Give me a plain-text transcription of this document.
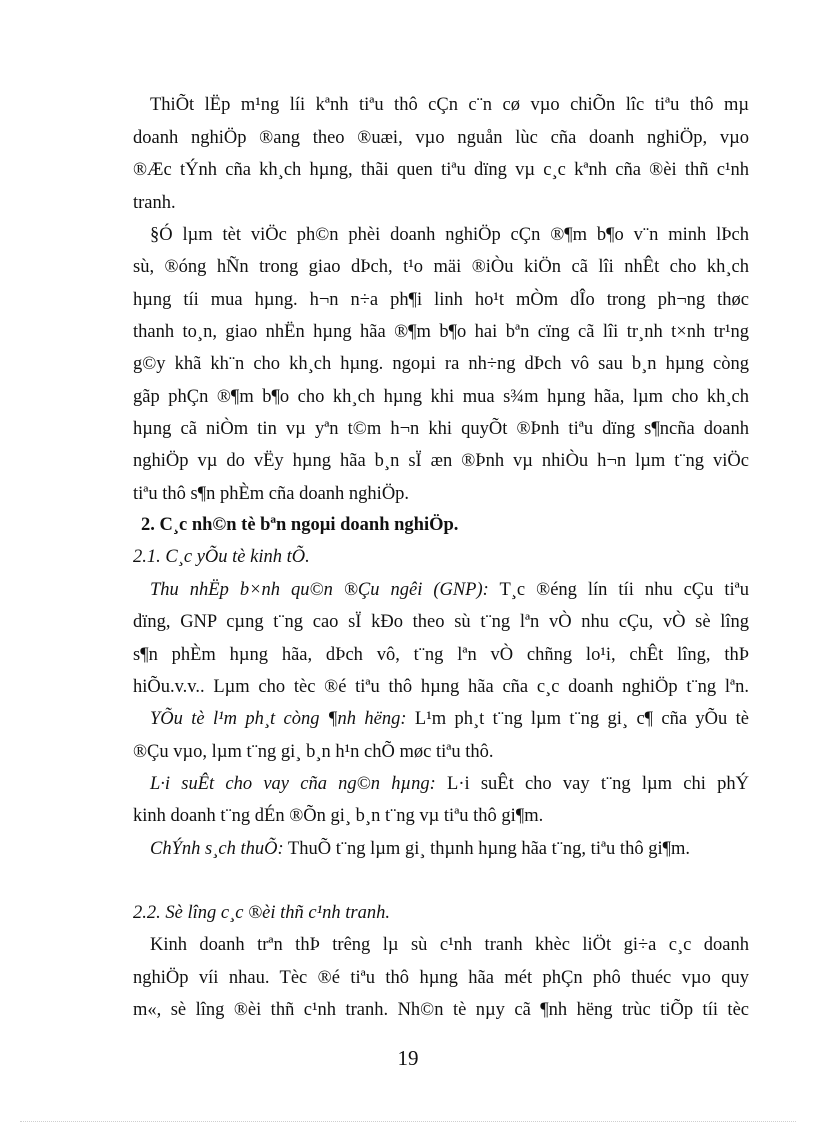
ThiÕt lËp m¹ng líi kªnh tiªu thô cÇn c¨n cø vµo chiÕn lîc tiªu thô mµ
doanh nghiÖp ®ang theo ®uæi, vµo nguån lùc cña doanh nghiÖp, vµo
®Æc tÝnh cña kh¸ch hµng, thãi quen tiªu dïng vµ c¸c kªnh cña ®èi thñ c¹nh
tranh.
§Ó lµm tèt viÖc ph©n phèi doanh nghiÖp cÇn ®¶m b¶o v¨n minh lÞch
sù, ®óng hÑn trong giao dÞch, t¹o mäi ®iÒu kiÖn cã lîi nhÊt cho kh¸ch
hµng tíi mua hµng. h¬n n÷a ph¶i linh ho¹t mÒm dÎo trong ph¬ng thøc
thanh to¸n, giao nhËn hµng hãa ®¶m b¶o hai bªn cïng cã lîi tr¸nh t×nh tr¹ng
g©y khã kh¨n cho kh¸ch hµng. ngoµi ra nh÷ng dÞch vô sau b¸n hµng còng
gãp phÇn ®¶m b¶o cho kh¸ch hµng khi mua s¾m hµng hãa, lµm cho kh¸ch
hµng cã niÒm tin vµ yªn t©m h¬n khi quyÕt ®Þnh tiªu dïng s¶ncña doanh
nghiÖp vµ do vËy hµng hãa b¸n sÏ æn ®Þnh vµ nhiÒu h¬n lµm t¨ng viÖc
tiªu thô s¶n phÈm cña doanh nghiÖp.
2. C¸c nh©n tè bªn ngoµi doanh nghiÖp.
2.1. C¸c yÕu tè kinh tÕ.
Thu nhËp b×nh qu©n ®Çu ngêi (GNP): T¸c ®éng lín tíi nhu cÇu tiªu
dïng, GNP cµng t¨ng cao sÏ kÐo theo sù t¨ng lªn vÒ nhu cÇu, vÒ sè lîng
s¶n phÈm hµng hãa, dÞch vô, t¨ng lªn vÒ chñng lo¹i, chÊt lîng, thÞ
hiÕu.v.v.. Lµm cho tèc ®é tiªu thô hµng hãa cña c¸c doanh nghiÖp t¨ng lªn.
YÕu tè l¹m ph¸t còng ¶nh hëng: L¹m ph¸t t¨ng lµm t¨ng gi¸ c¶ cña yÕu tè
®Çu vµo, lµm t¨ng gi¸ b¸n h¹n chÕ møc tiªu thô.
L·i suÊt cho vay cña ng©n hµng: L·i suÊt cho vay t¨ng lµm chi phÝ
kinh doanh t¨ng dÉn ®Õn gi¸ b¸n t¨ng vµ tiªu thô gi¶m.
ChÝnh s¸ch thuÕ: ThuÕ t¨ng lµm gi¸ thµnh hµng hãa t¨ng, tiªu thô gi¶m.
2.2. Sè lîng c¸c ®èi thñ c¹nh tranh.
Kinh doanh trªn thÞ trêng lµ sù c¹nh tranh khèc liÖt gi÷a c¸c doanh
nghiÖp víi nhau. Tèc ®é tiªu thô hµng hãa mét phÇn phô thuéc vµo quy
m«, sè lîng ®èi thñ c¹nh tranh. Nh©n tè nµy cã ¶nh hëng trùc tiÕp tíi tèc
19
